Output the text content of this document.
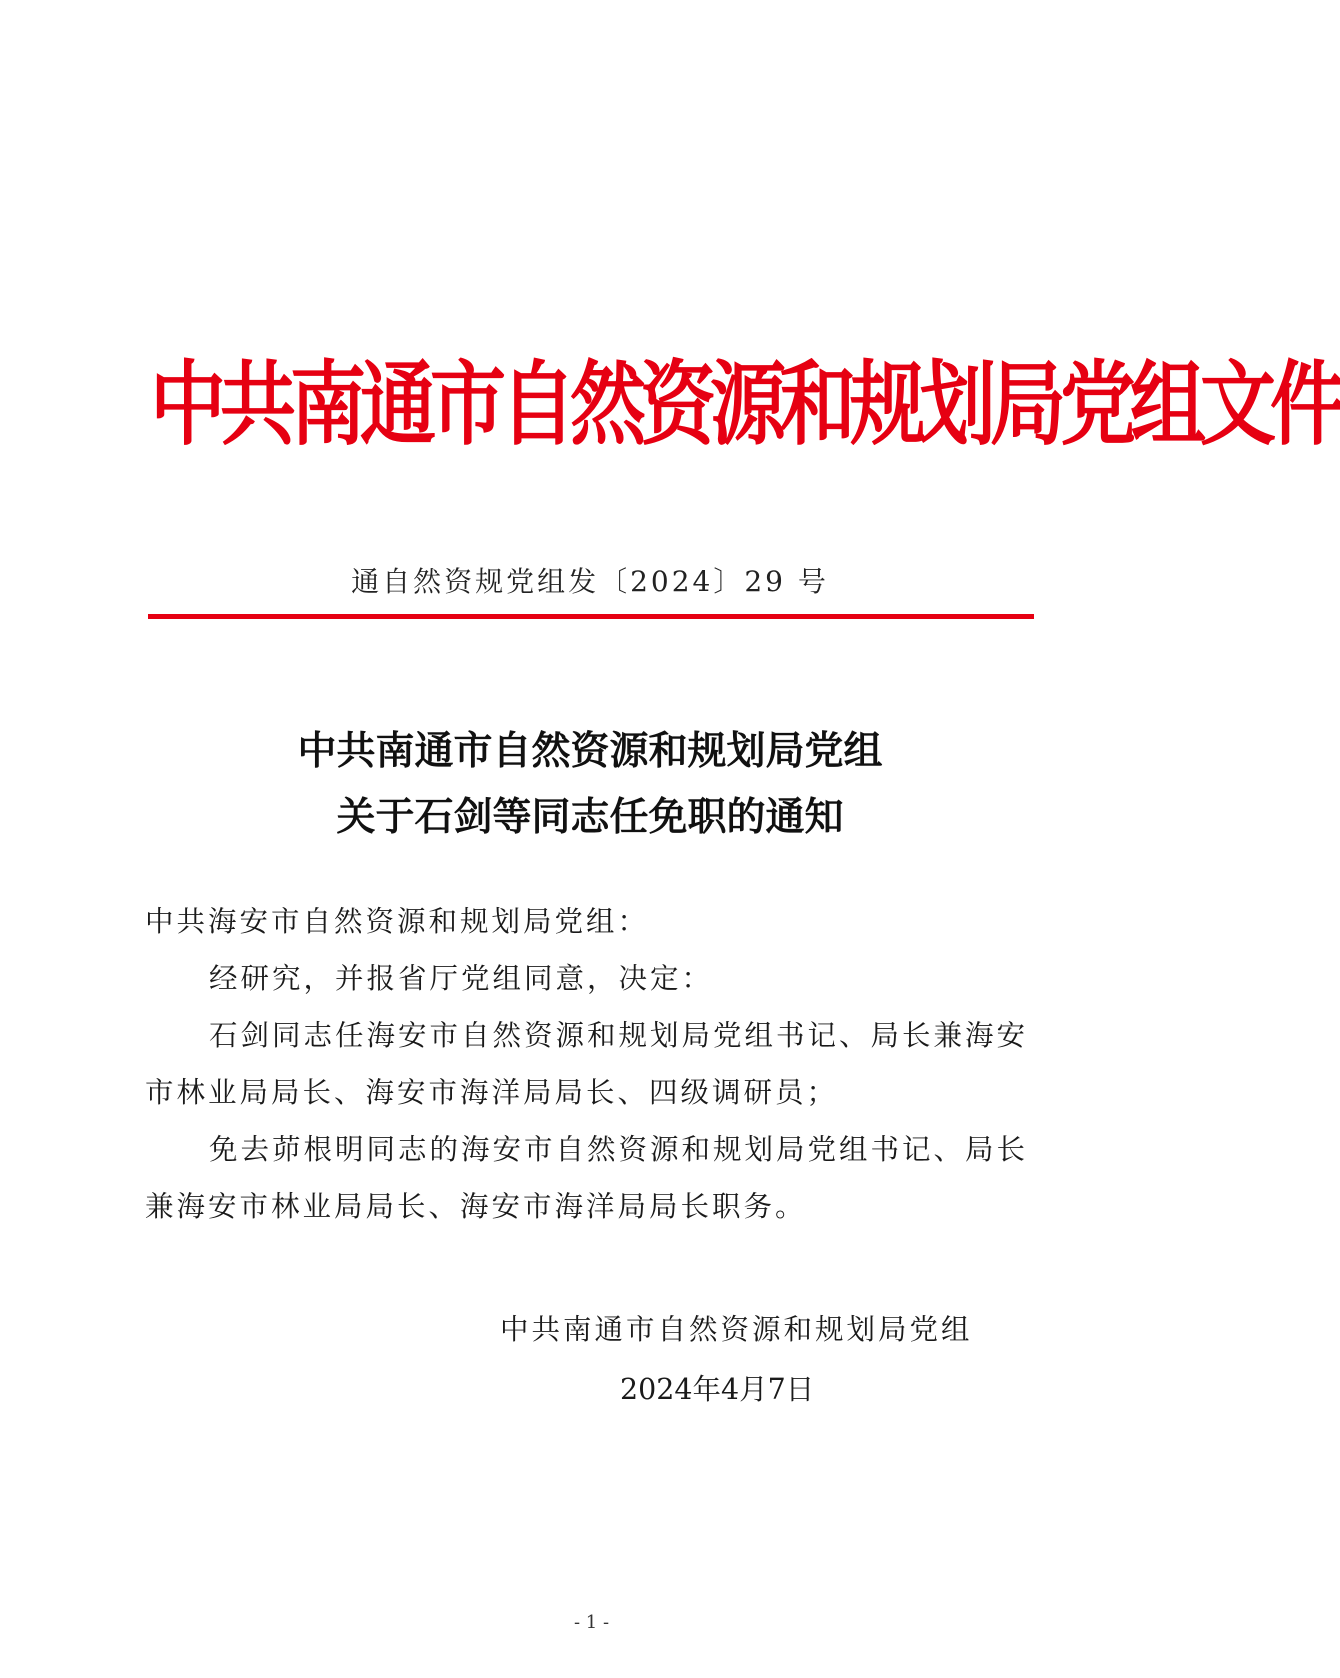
中共南通市自然资源和规划局党组文件
通自然资规党组发〔2024〕29 号
中共南通市自然资源和规划局党组
关于石剑等同志任免职的通知

中共海安市自然资源和规划局党组：

经研究，并报省厅党组同意，决定：

石剑同志任海安市自然资源和规划局党组书记、局长兼海安市林业局局长、海安市海洋局局长、四级调研员；

免去茆根明同志的海安市自然资源和规划局党组书记、局长兼海安市林业局局长、海安市海洋局局长职务。

中共南通市自然资源和规划局党组
2024年4月7日
- 1 -
